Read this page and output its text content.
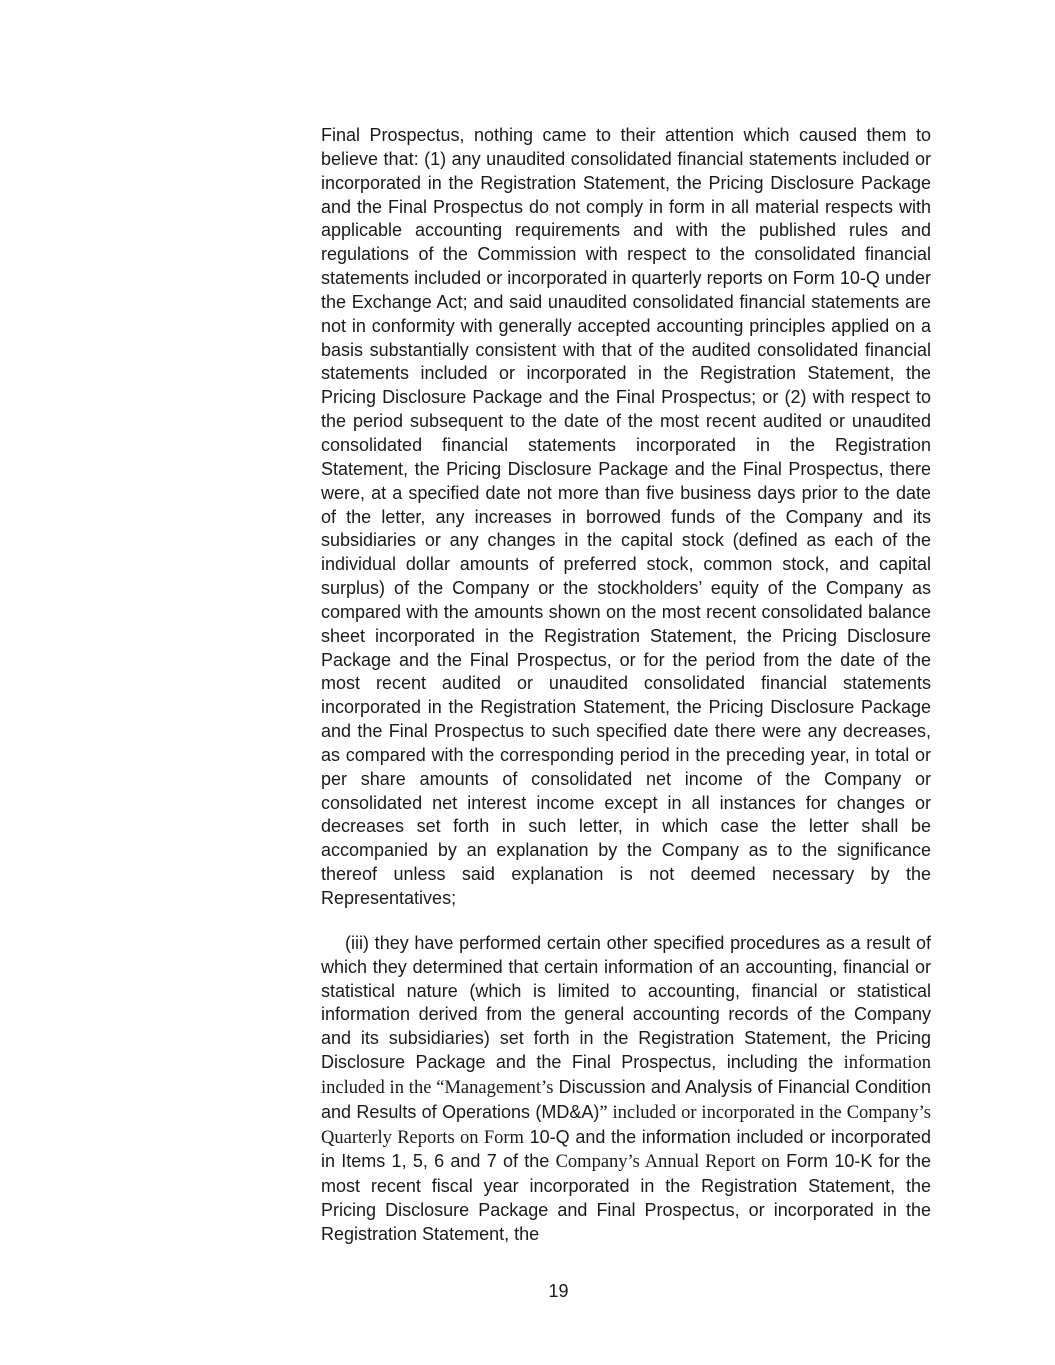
Final Prospectus, nothing came to their attention which caused them to believe that: (1) any unaudited consolidated financial statements included or incorporated in the Registration Statement, the Pricing Disclosure Package and the Final Prospectus do not comply in form in all material respects with applicable accounting requirements and with the published rules and regulations of the Commission with respect to the consolidated financial statements included or incorporated in quarterly reports on Form 10-Q under the Exchange Act; and said unaudited consolidated financial statements are not in conformity with generally accepted accounting principles applied on a basis substantially consistent with that of the audited consolidated financial statements included or incorporated in the Registration Statement, the Pricing Disclosure Package and the Final Prospectus; or (2) with respect to the period subsequent to the date of the most recent audited or unaudited consolidated financial statements incorporated in the Registration Statement, the Pricing Disclosure Package and the Final Prospectus, there were, at a specified date not more than five business days prior to the date of the letter, any increases in borrowed funds of the Company and its subsidiaries or any changes in the capital stock (defined as each of the individual dollar amounts of preferred stock, common stock, and capital surplus) of the Company or the stockholders’ equity of the Company as compared with the amounts shown on the most recent consolidated balance sheet incorporated in the Registration Statement, the Pricing Disclosure Package and the Final Prospectus, or for the period from the date of the most recent audited or unaudited consolidated financial statements incorporated in the Registration Statement, the Pricing Disclosure Package and the Final Prospectus to such specified date there were any decreases, as compared with the corresponding period in the preceding year, in total or per share amounts of consolidated net income of the Company or consolidated net interest income except in all instances for changes or decreases set forth in such letter, in which case the letter shall be accompanied by an explanation by the Company as to the significance thereof unless said explanation is not deemed necessary by the Representatives;

(iii) they have performed certain other specified procedures as a result of which they determined that certain information of an accounting, financial or statistical nature (which is limited to accounting, financial or statistical information derived from the general accounting records of the Company and its subsidiaries) set forth in the Registration Statement, the Pricing Disclosure Package and the Final Prospectus, including the information included in the “Management’s Discussion and Analysis of Financial Condition and Results of Operations (MD&A)” included or incorporated in the Company’s Quarterly Reports on Form 10-Q and the information included or incorporated in Items 1, 5, 6 and 7 of the Company’s Annual Report on Form 10-K for the most recent fiscal year incorporated in the Registration Statement, the Pricing Disclosure Package and Final Prospectus, or incorporated in the Registration Statement, the

19
